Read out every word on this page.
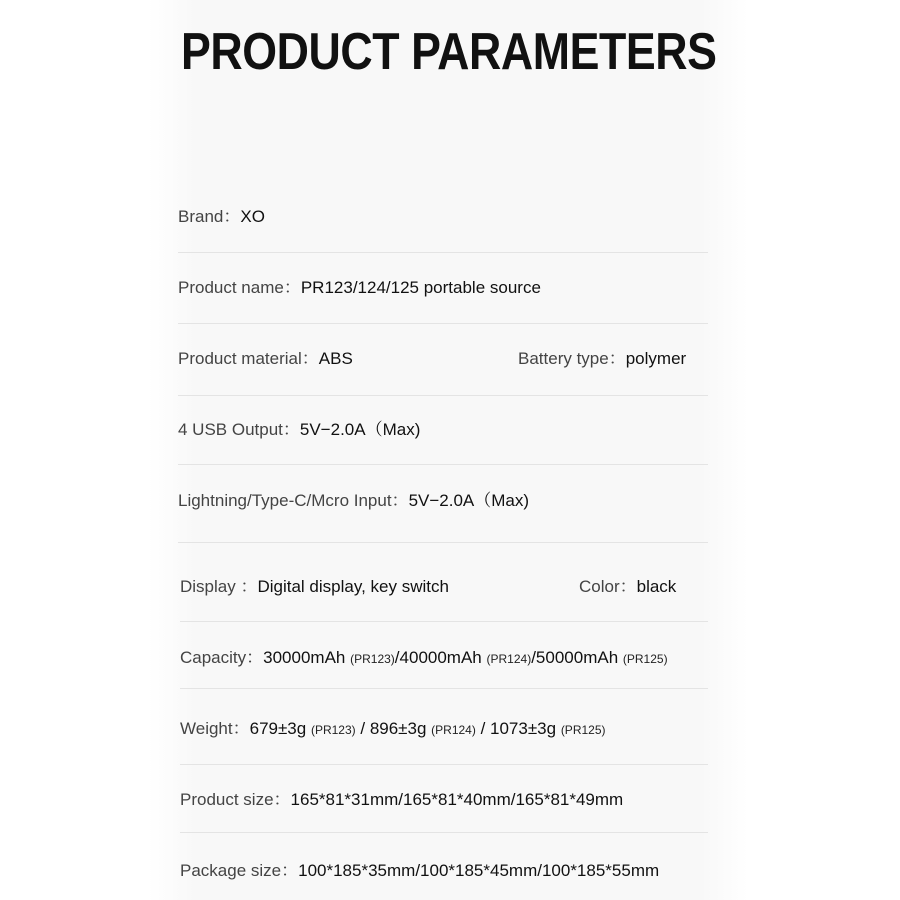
PRODUCT PARAMETERS
Brand：XO
Product name：PR123/124/125 portable source
Product material：ABS	Battery type：polymer
4 USB Output：5V−2.0A（Max)
Lightning/Type-C/Mcro Input：5V−2.0A（Max)
Display ：Digital display, key switch	Color：black
Capacity：30000mAh (PR123)/40000mAh (PR124)/50000mAh (PR125)
Weight：679±3g (PR123) / 896±3g (PR124) / 1073±3g (PR125)
Product size：165*81*31mm/165*81*40mm/165*81*49mm
Package size：100*185*35mm/100*185*45mm/100*185*55mm
